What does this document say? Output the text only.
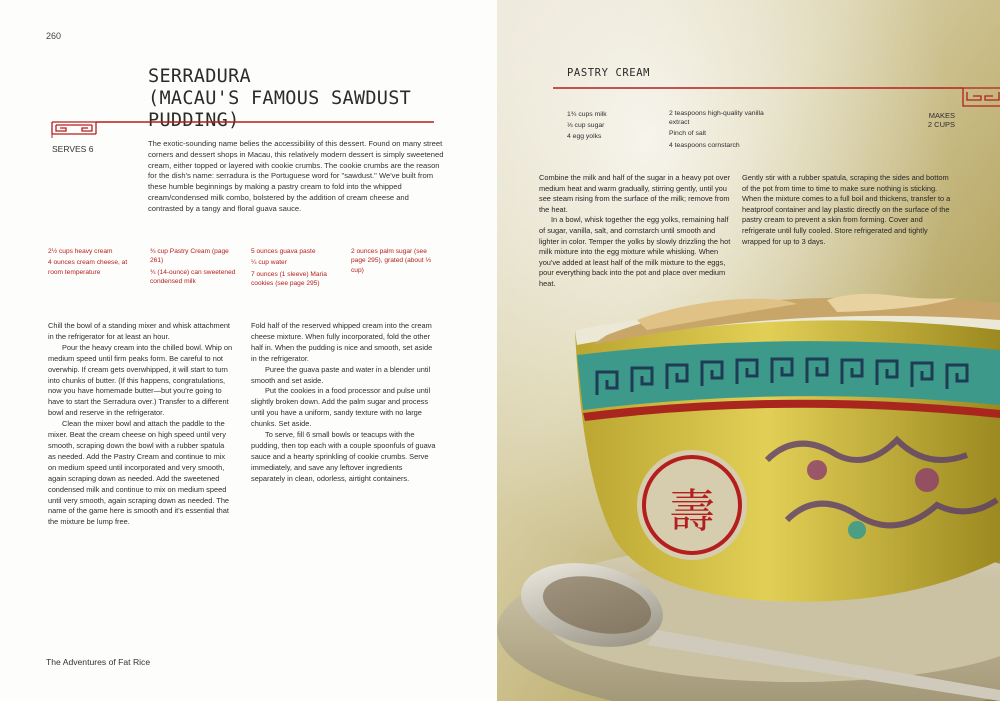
260
SERRADURA
(MACAU'S FAMOUS SAWDUST PUDDING)
SERVES 6
The exotic-sounding name belies the accessibility of this dessert. Found on many street corners and dessert shops in Macau, this relatively modern dessert is simply sweetened cream, either topped or layered with cookie crumbs. The cookie crumbs are the reason for the dish's name: serradura is the Portuguese word for "sawdust." We've built from these humble beginnings by making a pastry cream to fold into the whipped cream/condensed milk combo, bolstered by the addition of cream cheese and contrasted by a tangy and floral guava sauce.
2½ cups heavy cream
4 ounces cream cheese, at room temperature
¾ cup Pastry Cream (page 261)
¾ (14-ounce) can sweetened condensed milk
5 ounces guava paste
¼ cup water
7 ounces (1 sleeve) Maria cookies (see page 295)
2 ounces palm sugar (see page 295), grated (about ⅓ cup)

Chill the bowl of a standing mixer and whisk attachment in the refrigerator for at least an hour.

Pour the heavy cream into the chilled bowl. Whip on medium speed until firm peaks form. Be careful to not overwhip. If cream gets overwhipped, it will start to turn into chunks of butter. (If this happens, congratulations, now you have homemade butter—but you're going to have to start the Serradura over.) Transfer to a different bowl and reserve in the refrigerator.

Clean the mixer bowl and attach the paddle to the mixer. Beat the cream cheese on high speed until very smooth, scraping down the bowl with a rubber spatula as needed. Add the Pastry Cream and continue to mix on medium speed until incorporated and very smooth, again scraping down as needed. Add the sweetened condensed milk and continue to mix on medium speed until very smooth, again scraping down as needed. The name of the game here is smooth and it's essential that the mixture be lump free.

Fold half of the reserved whipped cream into the cream cheese mixture. When fully incorporated, fold the other half in. When the pudding is nice and smooth, set aside in the refrigerator.

Puree the guava paste and water in a blender until smooth and set aside.

Put the cookies in a food processor and pulse until slightly broken down. Add the palm sugar and process until you have a uniform, sandy texture with no large chunks. Set aside.

To serve, fill 6 small bowls or teacups with the pudding, then top each with a couple spoonfuls of guava sauce and a hearty sprinkling of cookie crumbs. Serve immediately, and save any leftover ingredients separately in clean, odorless, airtight containers.

The Adventures of Fat Rice
壽
PASTRY CREAM
MAKES
2 CUPS
1¾ cups milk
⅓ cup sugar
4 egg yolks
2 teaspoons high-quality vanilla extract
Pinch of salt
4 teaspoons cornstarch

Combine the milk and half of the sugar in a heavy pot over medium heat and warm gradually, stirring gently, until you see steam rising from the surface of the milk; remove from the heat.

In a bowl, whisk together the egg yolks, remaining half of sugar, vanilla, salt, and cornstarch until smooth and lighter in color. Temper the yolks by slowly drizzling the hot milk mixture into the egg mixture while whisking. When you've added at least half of the milk mixture to the eggs, pour everything back into the pot and place over medium heat.

Gently stir with a rubber spatula, scraping the sides and bottom of the pot from time to time to make sure nothing is sticking. When the mixture comes to a full boil and thickens, transfer to a heatproof container and lay plastic directly on the surface of the pastry cream to prevent a skin from forming. Cover and refrigerate until fully cooled. Store refrigerated and tightly wrapped for up to 3 days.
